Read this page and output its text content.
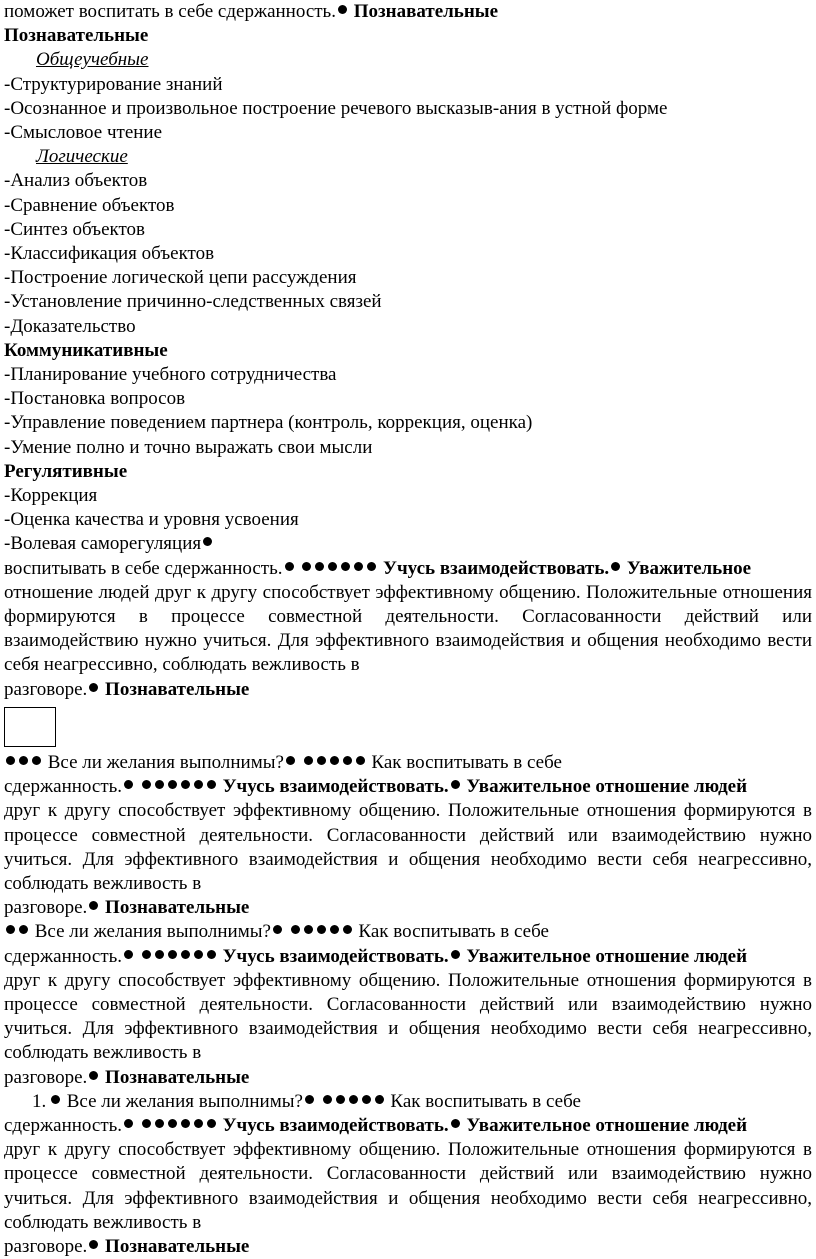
поможет воспитать в себе сдержанность. Познавательные
Познавательные
Общеучебные
-Структурирование знаний
-Осознанное и произвольное построение речевого высказыв-ания в устной форме
-Смысловое чтение
Логические
-Анализ объектов
-Сравнение объектов
-Синтез объектов
-Классификация объектов
-Построение логической цепи рассуждения
-Установление причинно-следственных связей
-Доказательство
Коммуникативные
-Планирование учебного сотрудничества
-Постановка вопросов
-Управление поведением партнера (контроль, коррекция, оценка)
-Умение полно и точно выражать свои мысли
Регулятивные
-Коррекция
-Оценка качества и уровня усвоения
-Волевая саморегуляция
воспитывать в себе сдержанность.	Учусь взаимодействовать. Уважительное
отношение людей друг к другу способствует эффективному общению. Положительные отношения формируются в процессе совместной деятельности. Согласованности действий или взаимодействию нужно учиться. Для эффективного взаимодействия и общения необходимо вести себя неагрессивно, соблюдать вежливость в
разговоре. Познавательные
Все ли желания выполнимы?	Как воспитывать в себе
сдержанность.	Учусь взаимодействовать. Уважительное отношение людей
друг к другу способствует эффективному общению. Положительные отношения формируются в процессе совместной деятельности. Согласованности действий или взаимодействию нужно учиться. Для эффективного взаимодействия и общения необходимо вести себя неагрессивно, соблюдать вежливость в
разговоре. Познавательные
Все ли желания выполнимы?	Как воспитывать в себе
сдержанность.	Учусь взаимодействовать. Уважительное отношение людей
друг к другу способствует эффективному общению. Положительные отношения формируются в процессе совместной деятельности. Согласованности действий или взаимодействию нужно учиться. Для эффективного взаимодействия и общения необходимо вести себя неагрессивно, соблюдать вежливость в
разговоре. Познавательные
1. Все ли желания выполнимы?	Как воспитывать в себе
сдержанность.	Учусь взаимодействовать. Уважительное отношение людей
друг к другу способствует эффективному общению. Положительные отношения формируются в процессе совместной деятельности. Согласованности действий или взаимодействию нужно учиться. Для эффективного взаимодействия и общения необходимо вести себя неагрессивно, соблюдать вежливость в
разговоре. Познавательные
